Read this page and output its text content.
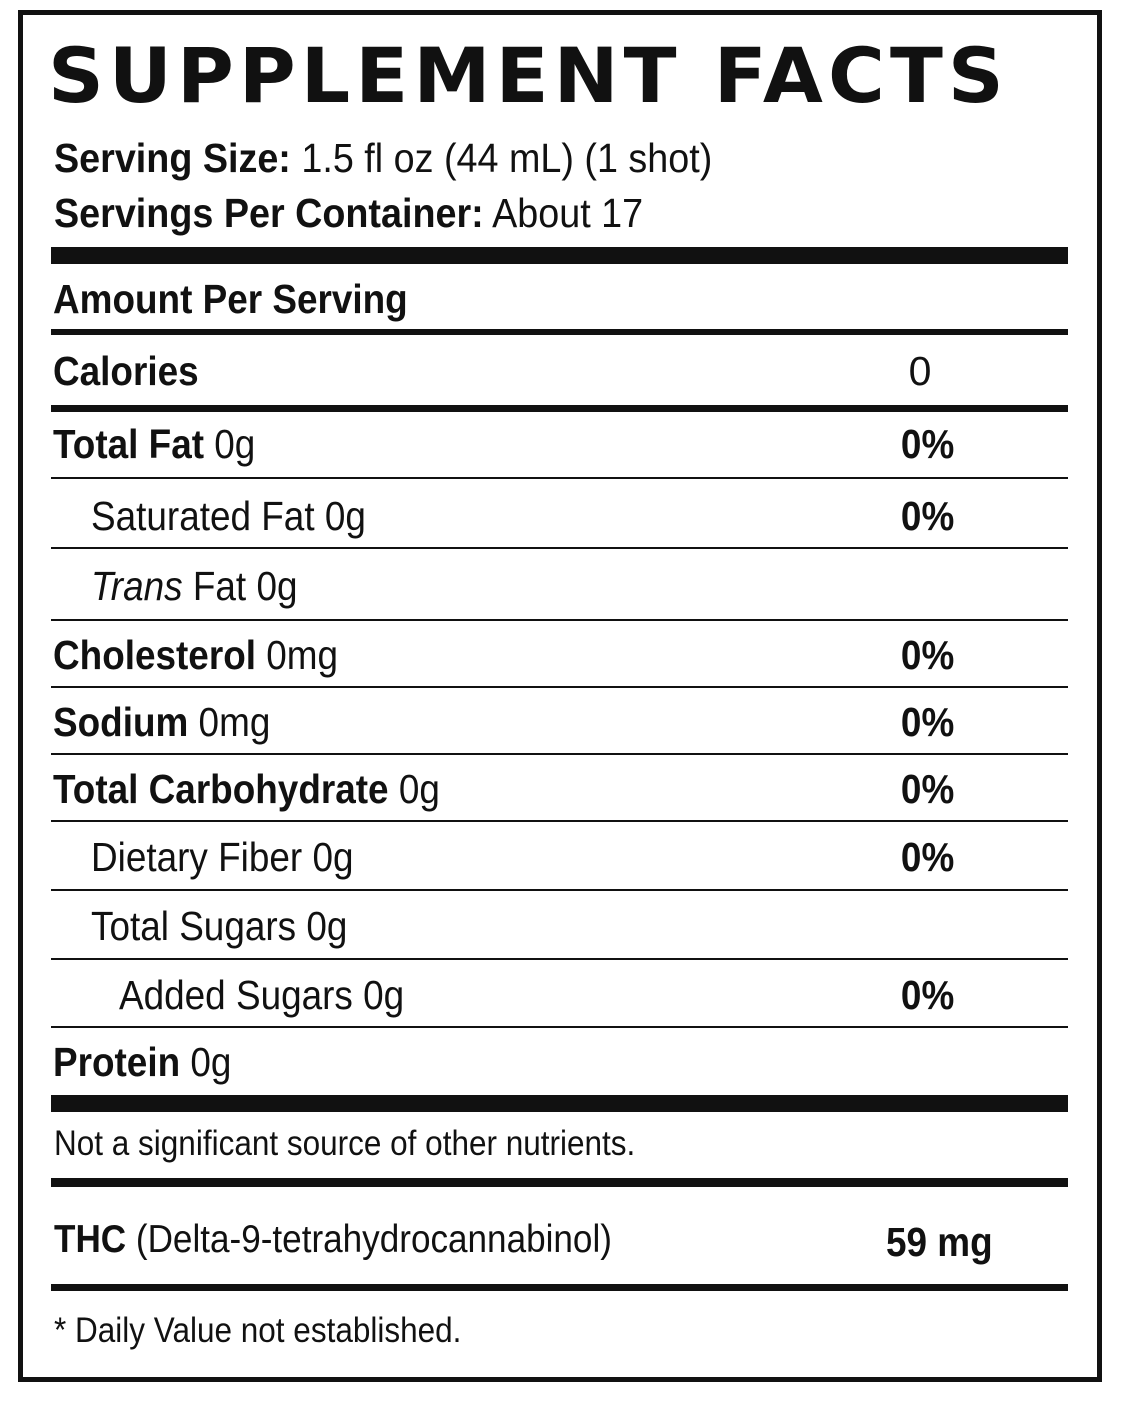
SUPPLEMENT FACTS
Serving Size: 1.5 fl oz (44 mL) (1 shot)
Servings Per Container: About 17
Amount Per Serving
Calories	0
Total Fat 0g	0%
Saturated Fat 0g	0%
Trans Fat 0g
Cholesterol 0mg	0%
Sodium 0mg	0%
Total Carbohydrate 0g	0%
Dietary Fiber 0g	0%
Total Sugars 0g
Added Sugars 0g	0%
Protein 0g
Not a significant source of other nutrients.
THC (Delta-9-tetrahydrocannabinol)	59 mg
* Daily Value not established.
